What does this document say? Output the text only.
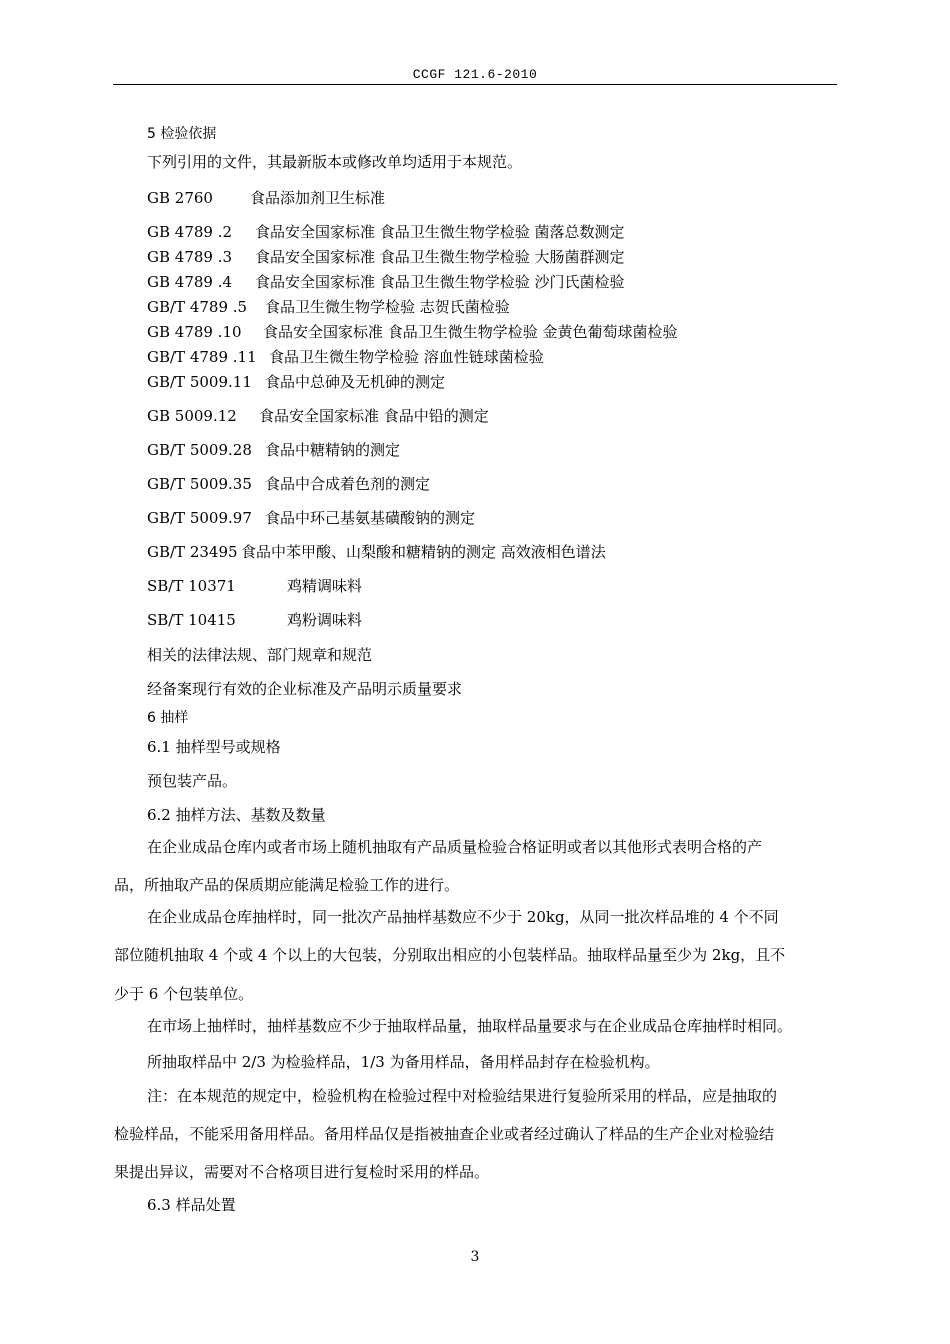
CCGF 121.6-2010
5 检验依据
下列引用的文件，其最新版本或修改单均适用于本规范。
GB 2760 食品添加剂卫生标准
GB 4789 .2 食品安全国家标准 食品卫生微生物学检验 菌落总数测定
GB 4789 .3 食品安全国家标准 食品卫生微生物学检验 大肠菌群测定
GB 4789 .4 食品安全国家标准 食品卫生微生物学检验 沙门氏菌检验
GB/T 4789 .5 食品卫生微生物学检验 志贺氏菌检验
GB 4789 .10 食品安全国家标准 食品卫生微生物学检验 金黄色葡萄球菌检验
GB/T 4789 .11 食品卫生微生物学检验 溶血性链球菌检验
GB/T 5009.11 食品中总砷及无机砷的测定
GB 5009.12 食品安全国家标准 食品中铅的测定
GB/T 5009.28 食品中糖精钠的测定
GB/T 5009.35 食品中合成着色剂的测定
GB/T 5009.97 食品中环己基氨基磺酸钠的测定
GB/T 23495 食品中苯甲酸、山梨酸和糖精钠的测定 高效液相色谱法
SB/T 10371	鸡精调味料
SB/T 10415	鸡粉调味料
相关的法律法规、部门规章和规范
经备案现行有效的企业标准及产品明示质量要求
6 抽样
6.1 抽样型号或规格
预包装产品。
6.2 抽样方法、基数及数量
在企业成品仓库内或者市场上随机抽取有产品质量检验合格证明或者以其他形式表明合格的产
品，所抽取产品的保质期应能满足检验工作的进行。
在企业成品仓库抽样时，同一批次产品抽样基数应不少于 20kg，从同一批次样品堆的 4 个不同
部位随机抽取 4 个或 4 个以上的大包装，分别取出相应的小包装样品。抽取样品量至少为 2kg，且不
少于 6 个包装单位。
在市场上抽样时，抽样基数应不少于抽取样品量，抽取样品量要求与在企业成品仓库抽样时相同。
所抽取样品中 2/3 为检验样品，1/3 为备用样品，备用样品封存在检验机构。
注：在本规范的规定中，检验机构在检验过程中对检验结果进行复验所采用的样品，应是抽取的
检验样品，不能采用备用样品。备用样品仅是指被抽查企业或者经过确认了样品的生产企业对检验结
果提出异议，需要对不合格项目进行复检时采用的样品。
6.3 样品处置
3
